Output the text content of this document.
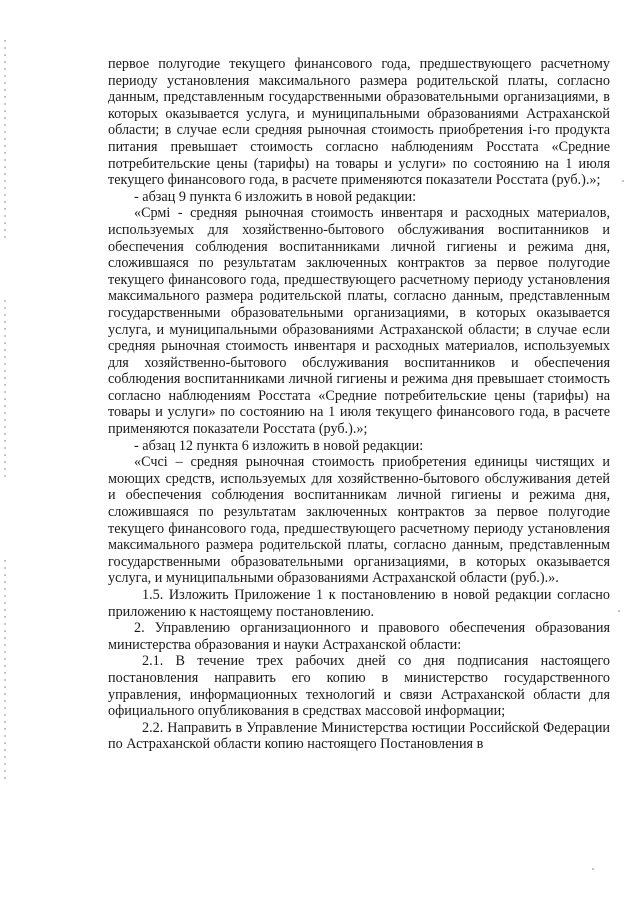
первое полугодие текущего финансового года, предшествующего расчетному периоду установления максимального размера родительской платы, согласно данным, представленным государственными образовательными организациями, в которых оказывается услуга, и муниципальными образованиями Астраханской области; в случае если средняя рыночная стоимость приобретения i-го продукта питания превышает стоимость согласно наблюдениям Росстата «Средние потребительские цены (тарифы) на товары и услуги» по состоянию на 1 июля текущего финансового года, в расчете применяются показатели Росстата (руб.).»;

- абзац 9 пункта 6 изложить в новой редакции:

«Срмі - средняя рыночная стоимость инвентаря и расходных материалов, используемых для хозяйственно-бытового обслуживания воспитанников и обеспечения соблюдения воспитанниками личной гигиены и режима дня, сложившаяся по результатам заключенных контрактов за первое полугодие текущего финансового года, предшествующего расчетному периоду установления максимального размера родительской платы, согласно данным, представленным государственными образовательными организациями, в которых оказывается услуга, и муниципальными образованиями Астраханской области; в случае если средняя рыночная стоимость инвентаря и расходных материалов, используемых для хозяйственно-бытового обслуживания воспитанников и обеспечения соблюдения воспитанниками личной гигиены и режима дня превышает стоимость согласно наблюдениям Росстата «Средние потребительские цены (тарифы) на товары и услуги» по состоянию на 1 июля текущего финансового года, в расчете применяются показатели Росстата (руб.).»;

- абзац 12 пункта 6 изложить в новой редакции:

«Счсі – средняя рыночная стоимость приобретения единицы чистящих и моющих средств, используемых для хозяйственно-бытового обслуживания детей и обеспечения соблюдения воспитанникам личной гигиены и режима дня, сложившаяся по результатам заключенных контрактов за первое полугодие текущего финансового года, предшествующего расчетному периоду установления максимального размера родительской платы, согласно данным, представленным государственными образовательными организациями, в которых оказывается услуга, и муниципальными образованиями Астраханской области (руб.).».

1.5. Изложить Приложение 1 к постановлению в новой редакции согласно приложению к настоящему постановлению.

2. Управлению организационного и правового обеспечения образования министерства образования и науки Астраханской области:

2.1. В течение трех рабочих дней со дня подписания настоящего постановления направить его копию в министерство государственного управления, информационных технологий и связи Астраханской области для официального опубликования в средствах массовой информации;

2.2. Направить в Управление Министерства юстиции Российской Федерации по Астраханской области копию настоящего Постановления в
